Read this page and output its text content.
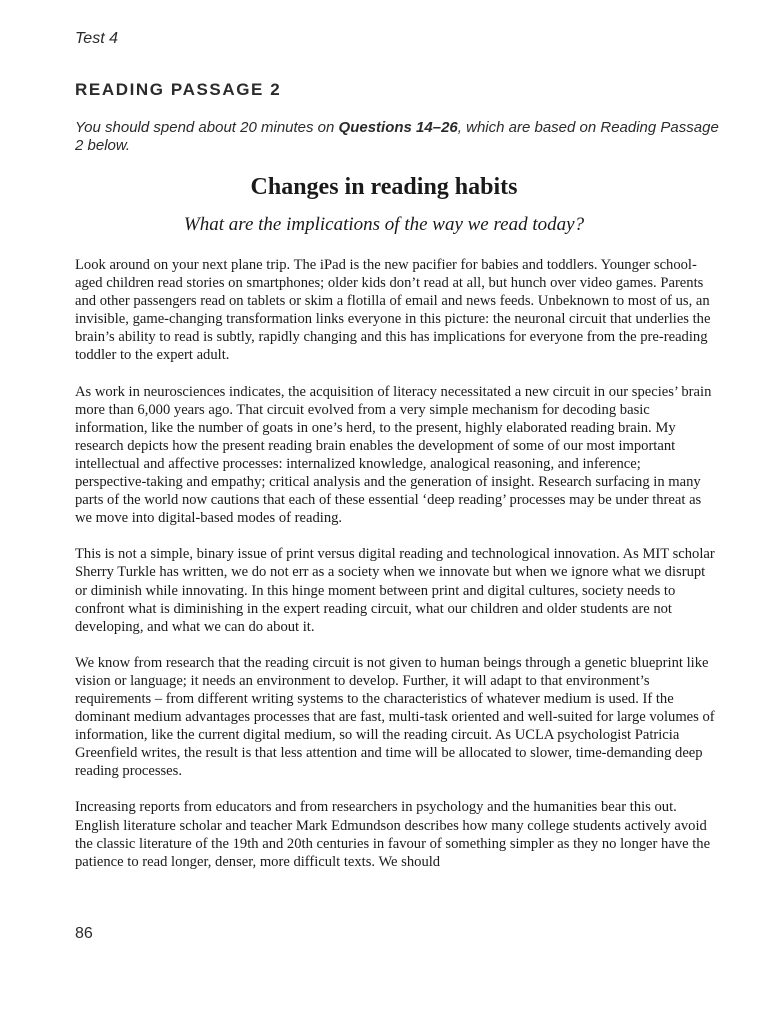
Test 4
READING PASSAGE 2
You should spend about 20 minutes on Questions 14–26, which are based on Reading Passage 2 below.
Changes in reading habits
What are the implications of the way we read today?

Look around on your next plane trip. The iPad is the new pacifier for babies and toddlers. Younger school-aged children read stories on smartphones; older kids don’t read at all, but hunch over video games. Parents and other passengers read on tablets or skim a flotilla of email and news feeds. Unbeknown to most of us, an invisible, game-changing transformation links everyone in this picture: the neuronal circuit that underlies the brain’s ability to read is subtly, rapidly changing and this has implications for everyone from the pre-reading toddler to the expert adult.

As work in neurosciences indicates, the acquisition of literacy necessitated a new circuit in our species’ brain more than 6,000 years ago. That circuit evolved from a very simple mechanism for decoding basic information, like the number of goats in one’s herd, to the present, highly elaborated reading brain. My research depicts how the present reading brain enables the development of some of our most important intellectual and affective processes: internalized knowledge, analogical reasoning, and inference; perspective-taking and empathy; critical analysis and the generation of insight. Research surfacing in many parts of the world now cautions that each of these essential ‘deep reading’ processes may be under threat as we move into digital-based modes of reading.

This is not a simple, binary issue of print versus digital reading and technological innovation. As MIT scholar Sherry Turkle has written, we do not err as a society when we innovate but when we ignore what we disrupt or diminish while innovating. In this hinge moment between print and digital cultures, society needs to confront what is diminishing in the expert reading circuit, what our children and older students are not developing, and what we can do about it.

We know from research that the reading circuit is not given to human beings through a genetic blueprint like vision or language; it needs an environment to develop. Further, it will adapt to that environment’s requirements – from different writing systems to the characteristics of whatever medium is used. If the dominant medium advantages processes that are fast, multi-task oriented and well-suited for large volumes of information, like the current digital medium, so will the reading circuit. As UCLA psychologist Patricia Greenfield writes, the result is that less attention and time will be allocated to slower, time-demanding deep reading processes.

Increasing reports from educators and from researchers in psychology and the humanities bear this out. English literature scholar and teacher Mark Edmundson describes how many college students actively avoid the classic literature of the 19th and 20th centuries in favour of something simpler as they no longer have the patience to read longer, denser, more difficult texts. We should

86
